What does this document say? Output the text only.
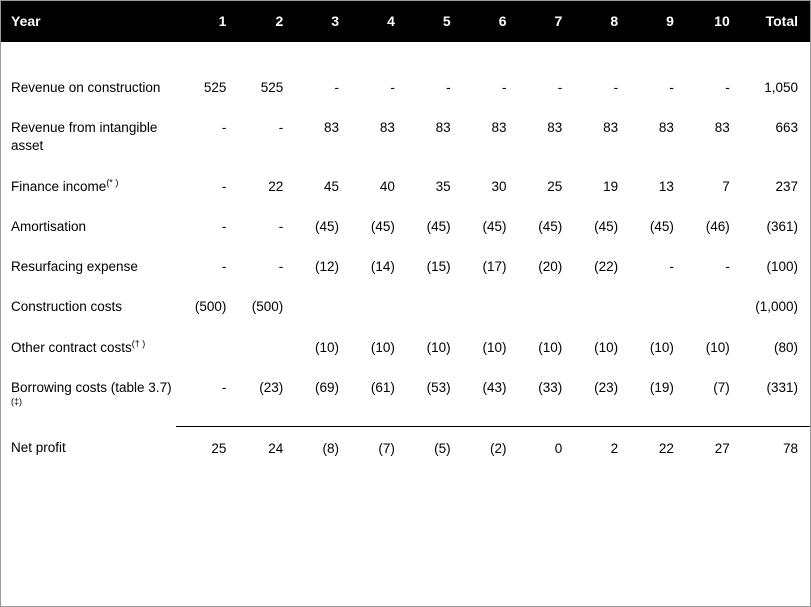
Year	1	2	3	4	5	6	7	8	9	10	Total

Revenue on construction	525	525	-	-	-	-	-	-	-	-	1,050
Revenue from intangible asset	-	-	83	83	83	83	83	83	83	83	663
Finance income(* )	-	22	45	40	35	30	25	19	13	7	237
Amortisation	-	-	(45)	(45)	(45)	(45)	(45)	(45)	(45)	(46)	(361)
Resurfacing expense	-	-	(12)	(14)	(15)	(17)	(20)	(22)	-	-	(100)
Construction costs	(500)	(500)									(1,000)
Other contract costs(† )			(10)	(10)	(10)	(10)	(10)	(10)	(10)	(10)	(80)
Borrowing costs (table 3.7)(‡)	-	(23)	(69)	(61)	(53)	(43)	(33)	(23)	(19)	(7)	(331)
Net profit	25	24	(8)	(7)	(5)	(2)	0	2	22	27	78
